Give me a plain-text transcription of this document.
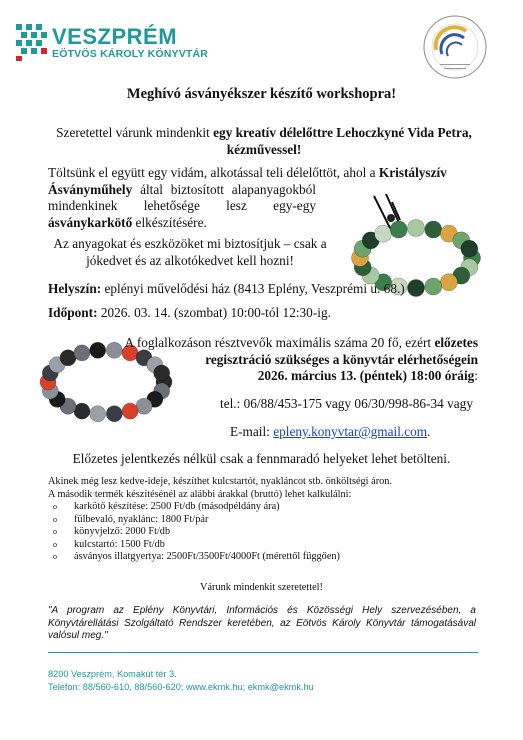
VESZPRÉM
EÖTVÖS KÁROLY KÖNYVTÁR
Meghívó ásványékszer készítő workshopra!

Szeretettel várunk mindenkit egy kreatív délelőttre Lehoczkyné Vida Petra, kézművessel!

Töltsünk el együtt egy vidám, alkotással teli délelőttöt, ahol a Kristályszív
Ásványműhely által biztosított alapanyagokból
mindenkinek lehetősége lesz egy-egy
ásványkarkötő elkészítésére.

Az anyagokat és eszközöket mi biztosítjuk – csak a jókedvet és az alkotókedvet kell hozni!

Helyszín: eplényi művelődési ház (8413 Eplény, Veszprémi u. 68.)

Időpont: 2026. 03. 14. (szombat) 10:00-tól 12:30-ig.

A foglalkozáson résztvevők maximális száma 20 fő, ezért előzetes
regisztráció szükséges a könyvtár elérhetőségein
2026. március 13. (péntek) 18:00 óráig:

tel.: 06/88/453-175 vagy 06/30/998-86-34 vagy

E-mail: epleny.konyvtar@gmail.com.

Előzetes jelentkezés nélkül csak a fennmaradó helyeket lehet betölteni.

Akinek még lesz kedve-ideje, készíthet kulcstartót, nyakláncot stb. önköltségi áron.
A második termék készítésénél az alábbi árakkal (bruttó) lehet kalkulálni:
o karkötő készítése: 2500 Ft/db (másodpéldány ára)
o fülbevaló, nyaklánc: 1800 Ft/pár
o könyvjelző: 2000 Ft/db
o kulcstartó: 1500 Ft/db
o ásványos illatgyertya: 2500Ft/3500Ft/4000Ft (mérettől függően)

Várunk mindenkit szeretettel!

"A program az Eplény Könyvtári, Információs és Közösségi Hely szervezésében, a Könyvtárellátási Szolgáltató Rendszer keretében, az Eötvös Károly Könyvtár támogatásával valósul meg."

8200 Veszprém, Komakút tér 3.
Telefon: 88/560-610, 88/560-620; www.ekmk.hu; ekmk@ekmk.hu
